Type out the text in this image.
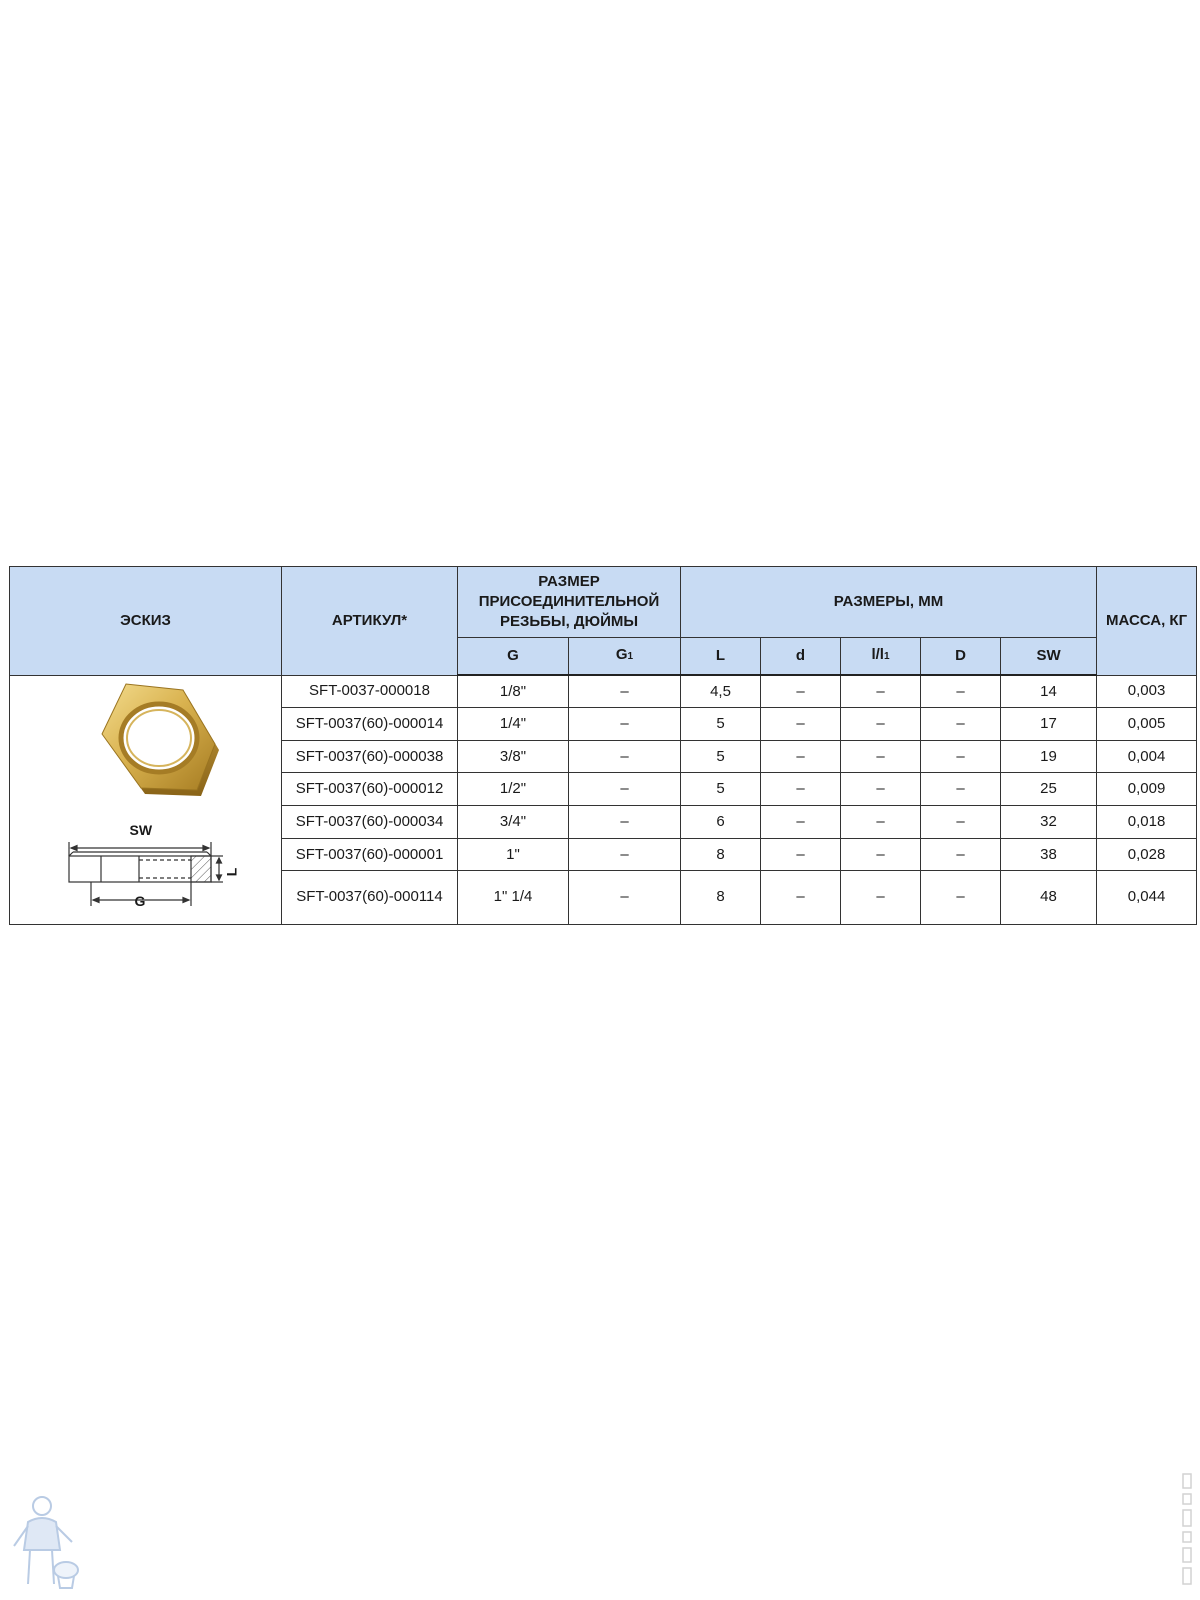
ЭСКИЗ	АРТИКУЛ*	РАЗМЕР ПРИСОЕДИНИТЕЛЬНОЙ РЕЗЬБЫ, ДЮЙМЫ		РАЗМЕРЫ, ММ					МАССА, КГ
		G	G1	L	d	l/l1	D	SW	

SW
G
L	SFT-0037-000018	1/8"	–	4,5	–	–	–	14	0,003
	SFT-0037(60)-000014	1/4"	–	5	–	–	–	17	0,005
	SFT-0037(60)-000038	3/8"	–	5	–	–	–	19	0,004
	SFT-0037(60)-000012	1/2"	–	5	–	–	–	25	0,009
	SFT-0037(60)-000034	3/4"	–	6	–	–	–	32	0,018
	SFT-0037(60)-000001	1"	–	8	–	–	–	38	0,028
	SFT-0037(60)-000114	1" 1/4	–	8	–	–	–	48	0,044
